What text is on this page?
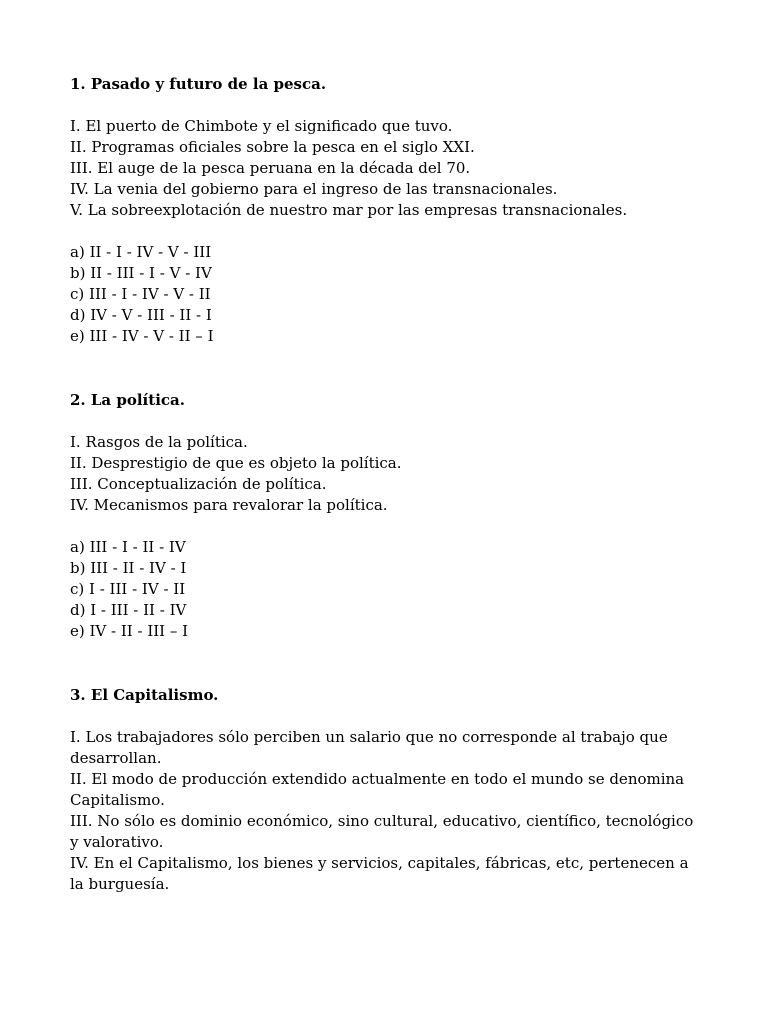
1. Pasado y futuro de la pesca.

I. El puerto de Chimbote y el significado que tuvo.

II. Programas oficiales sobre la pesca en el siglo XXI.

III. El auge de la pesca peruana en la década del 70.

IV. La venia del gobierno para el ingreso de las transnacionales.

V. La sobreexplotación de nuestro mar por las empresas transnacionales.

a) II - I - IV - V - III

b) II - III - I - V - IV

c) III - I - IV - V - II

d) IV - V - III - II - I

e) III - IV - V - II – I

2. La política.

I. Rasgos de la política.

II. Desprestigio de que es objeto la política.

III. Conceptualización de política.

IV. Mecanismos para revalorar la política.

a) III - I - II - IV

b) III - II - IV - I

c) I - III - IV - II

d) I - III - II - IV

e) IV - II - III – I

3. El Capitalismo.

I. Los trabajadores sólo perciben un salario que no corresponde al trabajo que desarrollan.

II. El modo de producción extendido actualmente en todo el mundo se denomina Capitalismo.

III. No sólo es dominio económico, sino cultural, educativo, científico, tecnológico y valorativo.

IV. En el Capitalismo, los bienes y servicios, capitales, fábricas, etc, pertenecen a la burguesía.
